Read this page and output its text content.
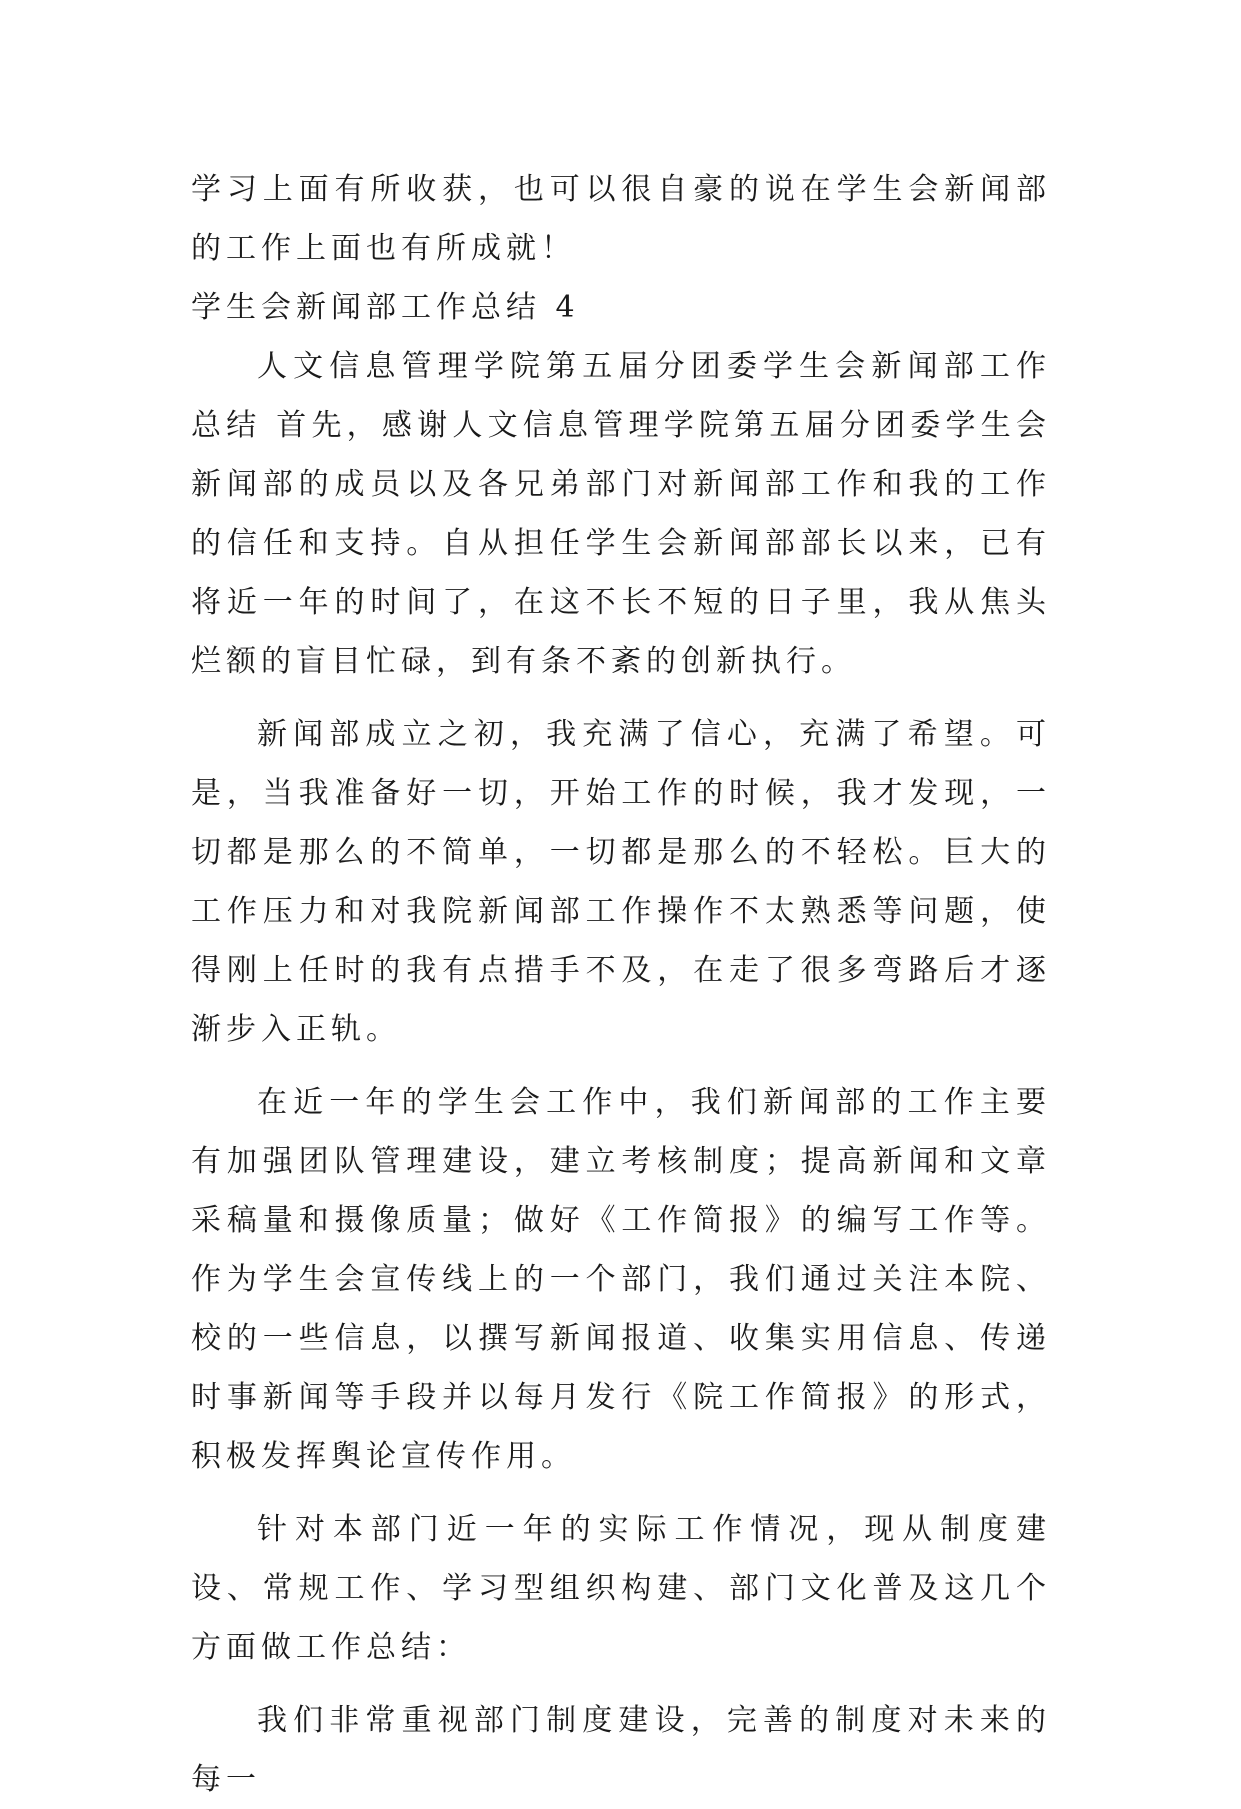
学习上面有所收获，也可以很自豪的说在学生会新闻部的工作上面也有所成就！

学生会新闻部工作总结 4

人文信息管理学院第五届分团委学生会新闻部工作总结 首先，感谢人文信息管理学院第五届分团委学生会新闻部的成员以及各兄弟部门对新闻部工作和我的工作的信任和支持。自从担任学生会新闻部部长以来，已有将近一年的时间了，在这不长不短的日子里，我从焦头烂额的盲目忙碌，到有条不紊的创新执行。

新闻部成立之初，我充满了信心，充满了希望。可是，当我准备好一切，开始工作的时候，我才发现，一切都是那么的不简单，一切都是那么的不轻松。巨大的工作压力和对我院新闻部工作操作不太熟悉等问题，使得刚上任时的我有点措手不及，在走了很多弯路后才逐渐步入正轨。

在近一年的学生会工作中，我们新闻部的工作主要有加强团队管理建设，建立考核制度；提高新闻和文章采稿量和摄像质量；做好《工作简报》的编写工作等。作为学生会宣传线上的一个部门，我们通过关注本院、校的一些信息，以撰写新闻报道、收集实用信息、传递时事新闻等手段并以每月发行《院工作简报》的形式，积极发挥舆论宣传作用。

针对本部门近一年的实际工作情况，现从制度建设、常规工作、学习型组织构建、部门文化普及这几个方面做工作总结：

我们非常重视部门制度建设，完善的制度对未来的每一
